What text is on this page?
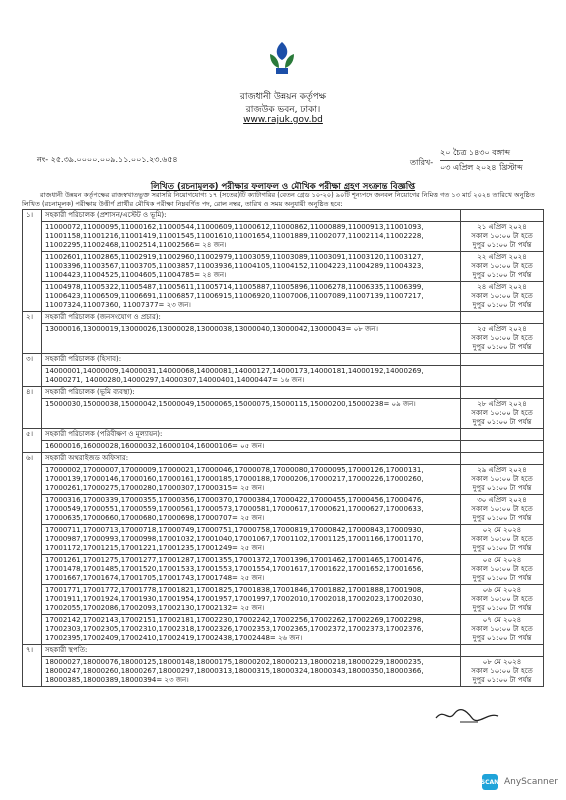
রাজধানী উন্নয়ন কর্তৃপক্ষ
রাজউক ভবন, ঢাকা।
www.rajuk.gov.bd
নং- ২৫.৩৯.০০০০.০০৯.১১.০০১.২৩.৬৫৪	তারিখ-
২০ চৈত্র ১৪৩০ বঙ্গাব্দ
০৩ এপ্রিল ২০২৪ খ্রিস্টাব্দ
লিখিত (রচনামূলক) পরীক্ষার ফলাফল ও মৌখিক পরীক্ষা গ্রহণ সংক্রান্ত বিজ্ঞপ্তি
রাজধানী উন্নয়ন কর্তৃপক্ষের রাজস্বখাতভুক্ত সরাসরি নিয়োগযোগ্য ১৭ (সতের)টি ক্যাটাগরির (বেতন গ্রেড ১০-২০) ৯০টি শূন্যপদে জনবল নিয়োগের নিমিত্ত গত ১৩ মার্চ ২০২৪ তারিখে অনুষ্ঠিত লিখিত (রচনামূলক) পরীক্ষায় উত্তীর্ণ প্রার্থীর মৌখিক পরীক্ষা নিম্নবর্ণিত পদ, রোল নম্বর, তারিখ ও সময় অনুযায়ী অনুষ্ঠিত হবে:
১।	সহকারী পরিচালক (প্রশাসন/এস্টেট ও ভূমি):	
	11000072,11000095,11000162,11000544,11000609,11000612,11000862,11000889,11000913,11001093, 11001158,11001216,11001419,11001545,11001610,11001654,11001889,11002077,11002114,11002228, 11002295,11002468,11002514,11002566= ২৪ জন।	২১ এপ্রিল ২০২৪
সকাল ১০:০০ টা হতে দুপুর ০১:০০ টা পর্যন্ত

	11002601,11002865,11002919,11002960,11002979,11003059,11003089,11003091,11003120,11003127, 11003396,11003567,11003705,11003857,11003936,11004105,11004152,11004223,11004289,11004323, 11004423,11004525,11004605,11004785= ২৪ জন।	২২ এপ্রিল ২০২৪
সকাল ১০:০০ টা হতে দুপুর ০১:০০ টা পর্যন্ত

	11004978,11005322,11005487,11005611,11005714,11005887,11005896,11006278,11006335,11006399, 11006423,11006509,11006691,11006857,11006915,11006920,11007006,11007089,11007139,11007217, 11007324,11007360, 11007377= ২৩ জন।	২৪ এপ্রিল ২০২৪
সকাল ১০:০০ টা হতে দুপুর ০১:০০ টা পর্যন্ত

২।	সহকারী পরিচালক (জনসংযোগ ও প্রচার):	
	13000016,13000019,13000026,13000028,13000038,13000040,13000042,13000043= ০৮ জন।	২৫ এপ্রিল ২০২৪
সকাল ১০:০০ টা হতে দুপুর ০১:০০ টা পর্যন্ত

৩।	সহকারী পরিচালক (হিসাব):	
	14000001,14000009,14000031,14000068,14000081,14000127,14000173,14000181,14000192,14000269, 14000271, 14000280,14000297,14000307,14000401,14000447= ১৬ জন।	

৪।	সহকারী পরিচালক (ভূমি ব্যবস্থা):	
	15000030,15000038,15000042,15000049,15000065,15000075,15000115,15000200,15000238= ০৯ জন।	২৮ এপ্রিল ২০২৪
সকাল ১০:০০ টা হতে দুপুর ০১:০০ টা পর্যন্ত

৫।	সহকারী পরিচালক (পরিবীক্ষণ ও মূল্যায়ন):	
	16000016,16000028,16000032,16000104,16000106= ০৫ জন।	

৬।	সহকারী অথরাইজড অফিসার:	
	17000002,17000007,17000009,17000021,17000046,17000078,17000080,17000095,17000126,17000131, 17000139,17000146,17000160,17000161,17000185,17000188,17000206,17000217,17000226,17000260, 17000261,17000275,17000280,17000307,17000315= ২৫ জন।	২৯ এপ্রিল ২০২৪
সকাল ১০:০০ টা হতে দুপুর ০১:০০ টা পর্যন্ত

	17000316,17000339,17000355,17000356,17000370,17000384,17000422,17000455,17000456,17000476, 17000549,17000551,17000559,17000561,17000573,17000581,17000617,17000621,17000627,17000633, 17000635,17000660,17000680,17000698,17000707= ২৫ জন।	৩০ এপ্রিল ২০২৪
সকাল ১০:০০ টা হতে দুপুর ০১:০০ টা পর্যন্ত

	17000711,17000713,17000718,17000749,17000751,17000758,17000819,17000842,17000843,17000930, 17000987,17000993,17000998,17001032,17001040,17001067,17001102,17001125,17001166,17001170, 17001172,17001215,17001221,17001235,17001249= ২৫ জন।	০২ মে ২০২৪
সকাল ১০:০০ টা হতে দুপুর ০১:০০ টা পর্যন্ত

	17001261,17001275,17001277,17001287,17001355,17001372,17001396,17001462,17001465,17001476, 17001478,17001485,17001520,17001533,17001553,17001554,17001617,17001622,17001652,17001656, 17001667,17001674,17001705,17001743,17001748= ২৫ জন।	০৫ মে ২০২৪
সকাল ১০:০০ টা হতে দুপুর ০১:০০ টা পর্যন্ত

	17001771,17001772,17001778,17001821,17001825,17001838,17001846,17001882,17001888,17001908, 17001911,17001924,17001930,17001954,17001957,17001997,17002010,17002018,17002023,17002030, 17002055,17002086,17002093,17002130,17002132= ২৫ জন।	০৬ মে ২০২৪
সকাল ১০:০০ টা হতে দুপুর ০১:০০ টা পর্যন্ত

	17002142,17002143,17002151,17002181,17002230,17002242,17002256,17002262,17002269,17002298, 17002303,17002305,17002310,17002318,17002326,17002353,17002365,17002372,17002373,17002376, 17002395,17002409,17002410,17002419,17002438,17002448= ২৬ জন।	০৭ মে ২০২৪
সকাল ১০:০০ টা হতে দুপুর ০১:০০ টা পর্যন্ত

৭।	সহকারী স্থপতি:	
	18000027,18000076,18000125,18000148,18000175,18000202,18000213,18000218,18000229,18000235, 18000247,18000260,18000267,18000297,18000313,18000315,18000324,18000343,18000350,18000366, 18000385,18000389,18000394= ২৩ জন।	০৮ মে ২০২৪
সকাল ১০:০০ টা হতে দুপুর ০১:০০ টা পর্যন্ত
SCAN AnyScanner
